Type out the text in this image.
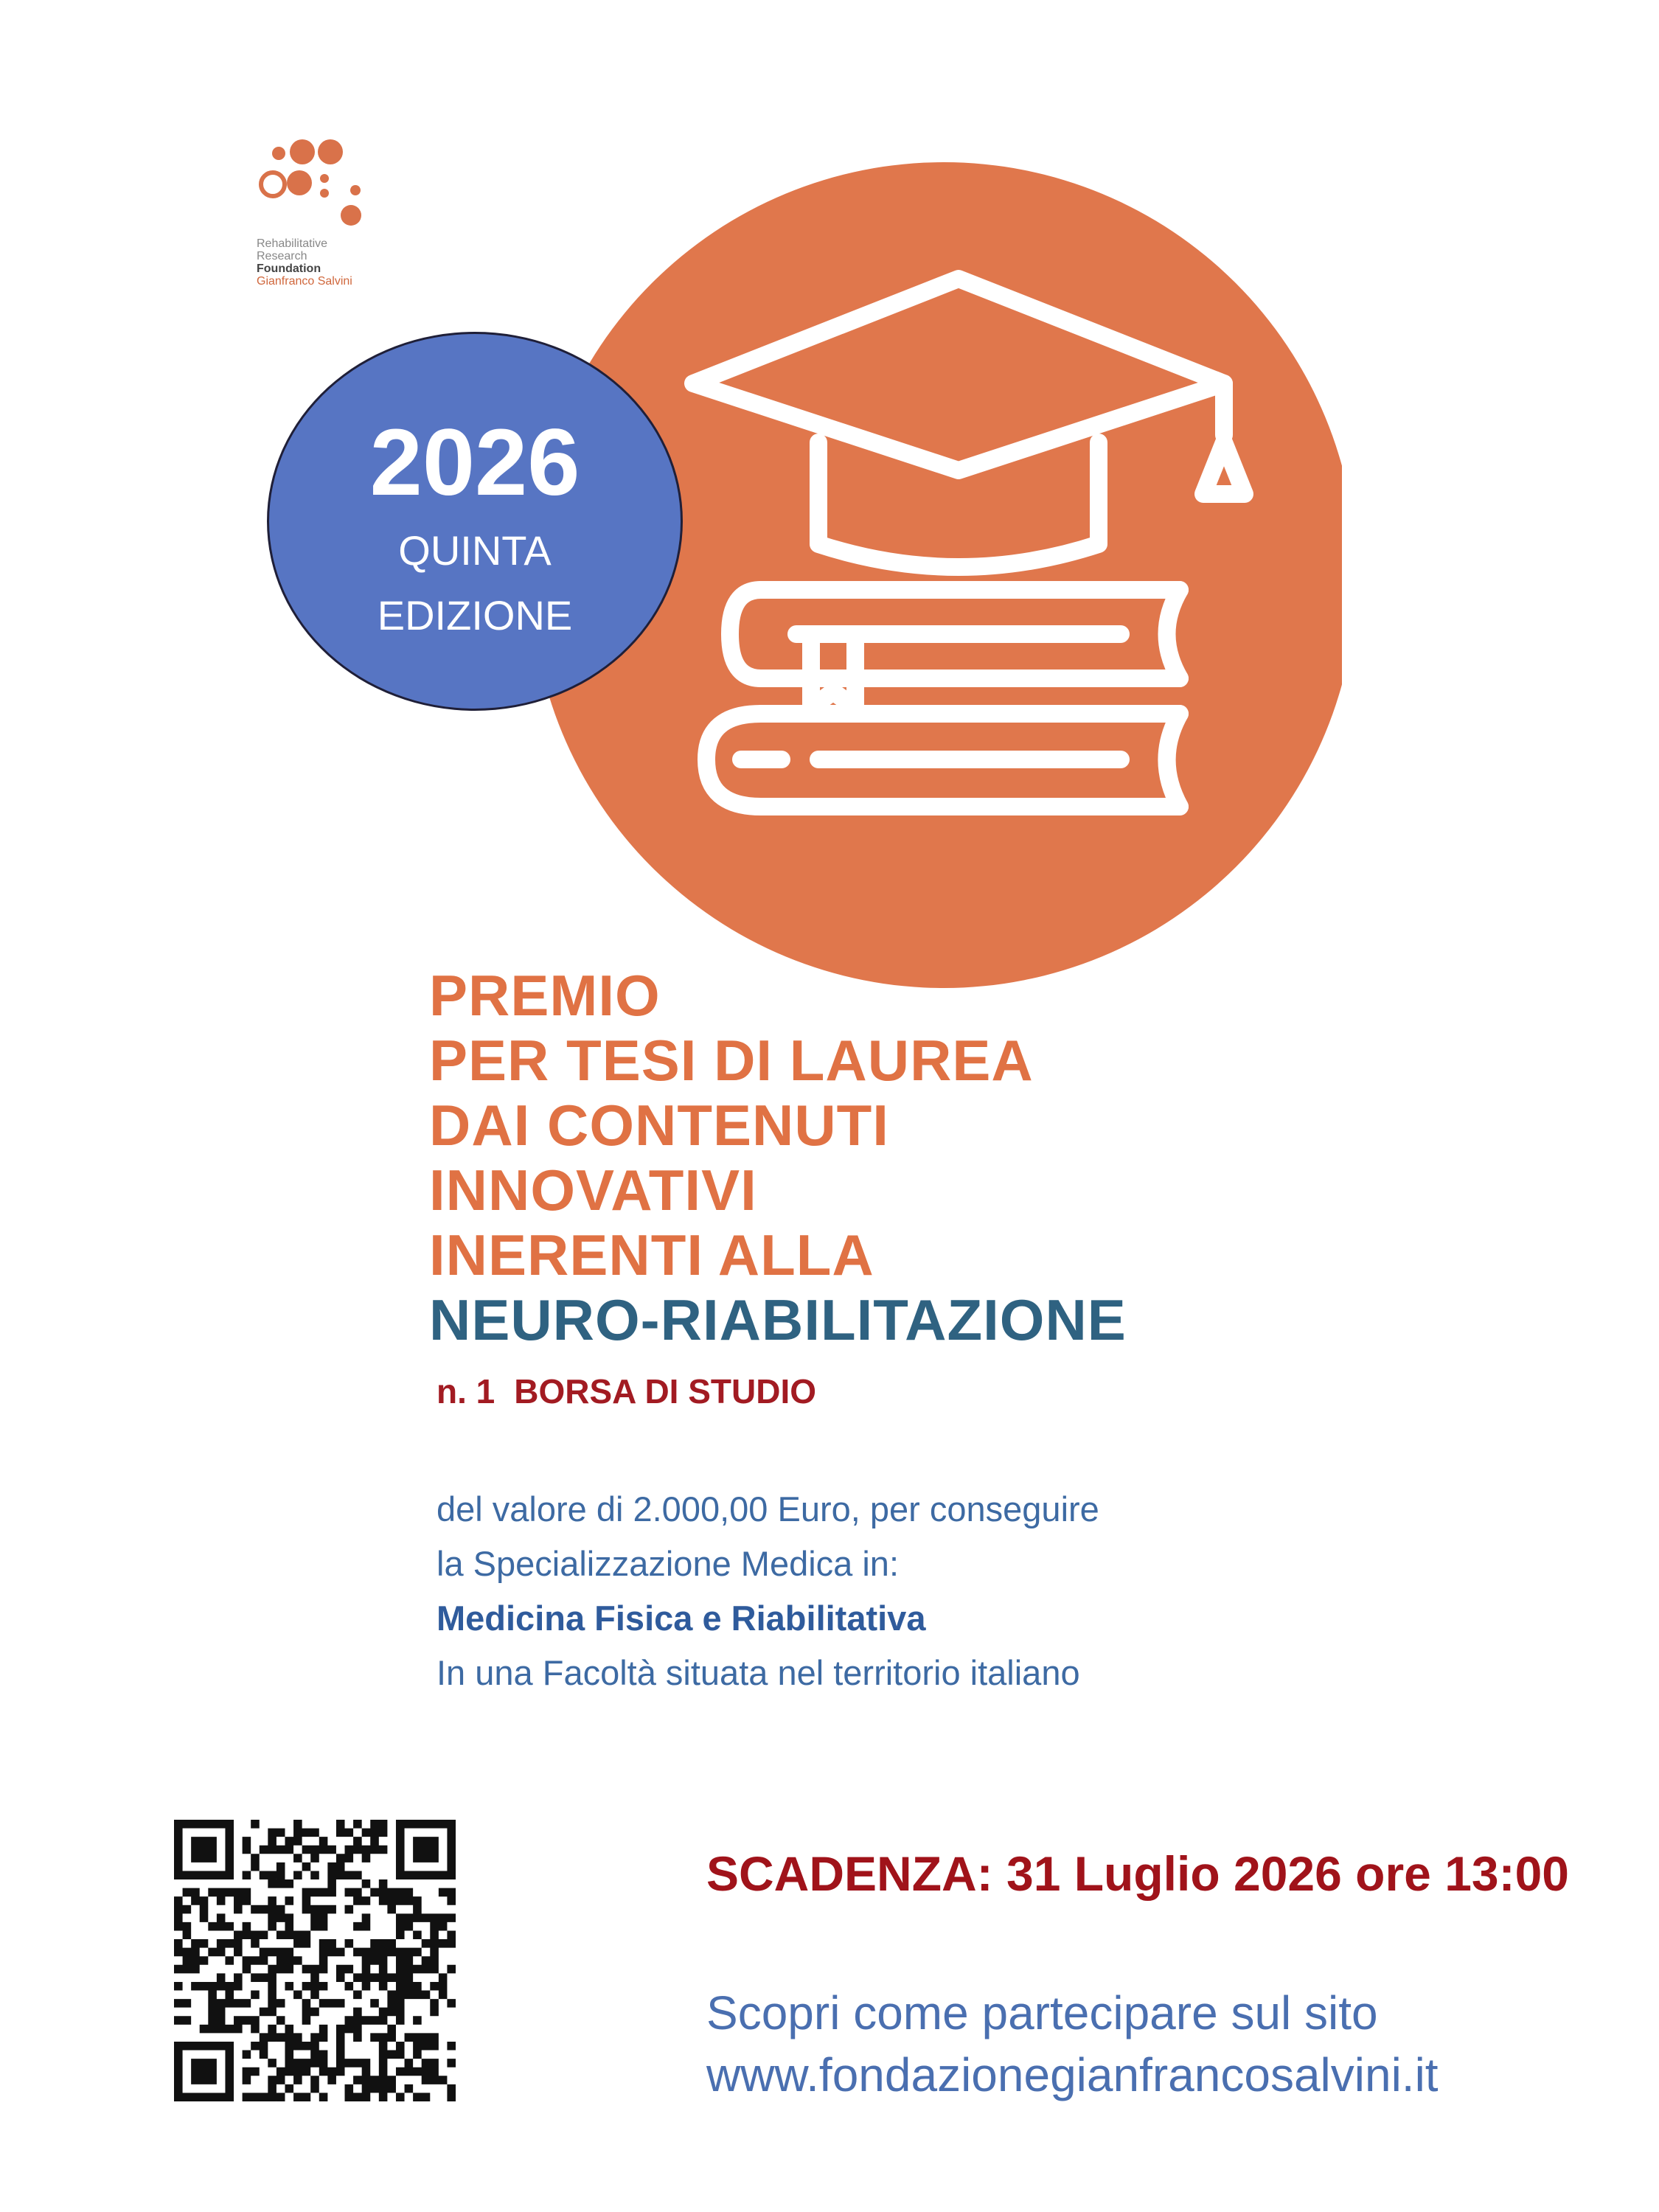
Rehabilitative
Research
Foundation
Gianfranco Salvini
2026
QUINTA
EDIZIONE
PREMIO
PER TESI DI LAUREA
DAI CONTENUTI
INNOVATIVI
INERENTI ALLA
NEURO-RIABILITAZIONE
n. 1 BORSA DI STUDIO
del valore di 2.000,00 Euro, per conseguire
la Specializzazione Medica in:
Medicina Fisica e Riabilitativa
In una Facoltà situata nel territorio italiano
SCADENZA: 31 Luglio 2026 ore 13:00
Scopri come partecipare sul sito
www.fondazionegianfrancosalvini.it
